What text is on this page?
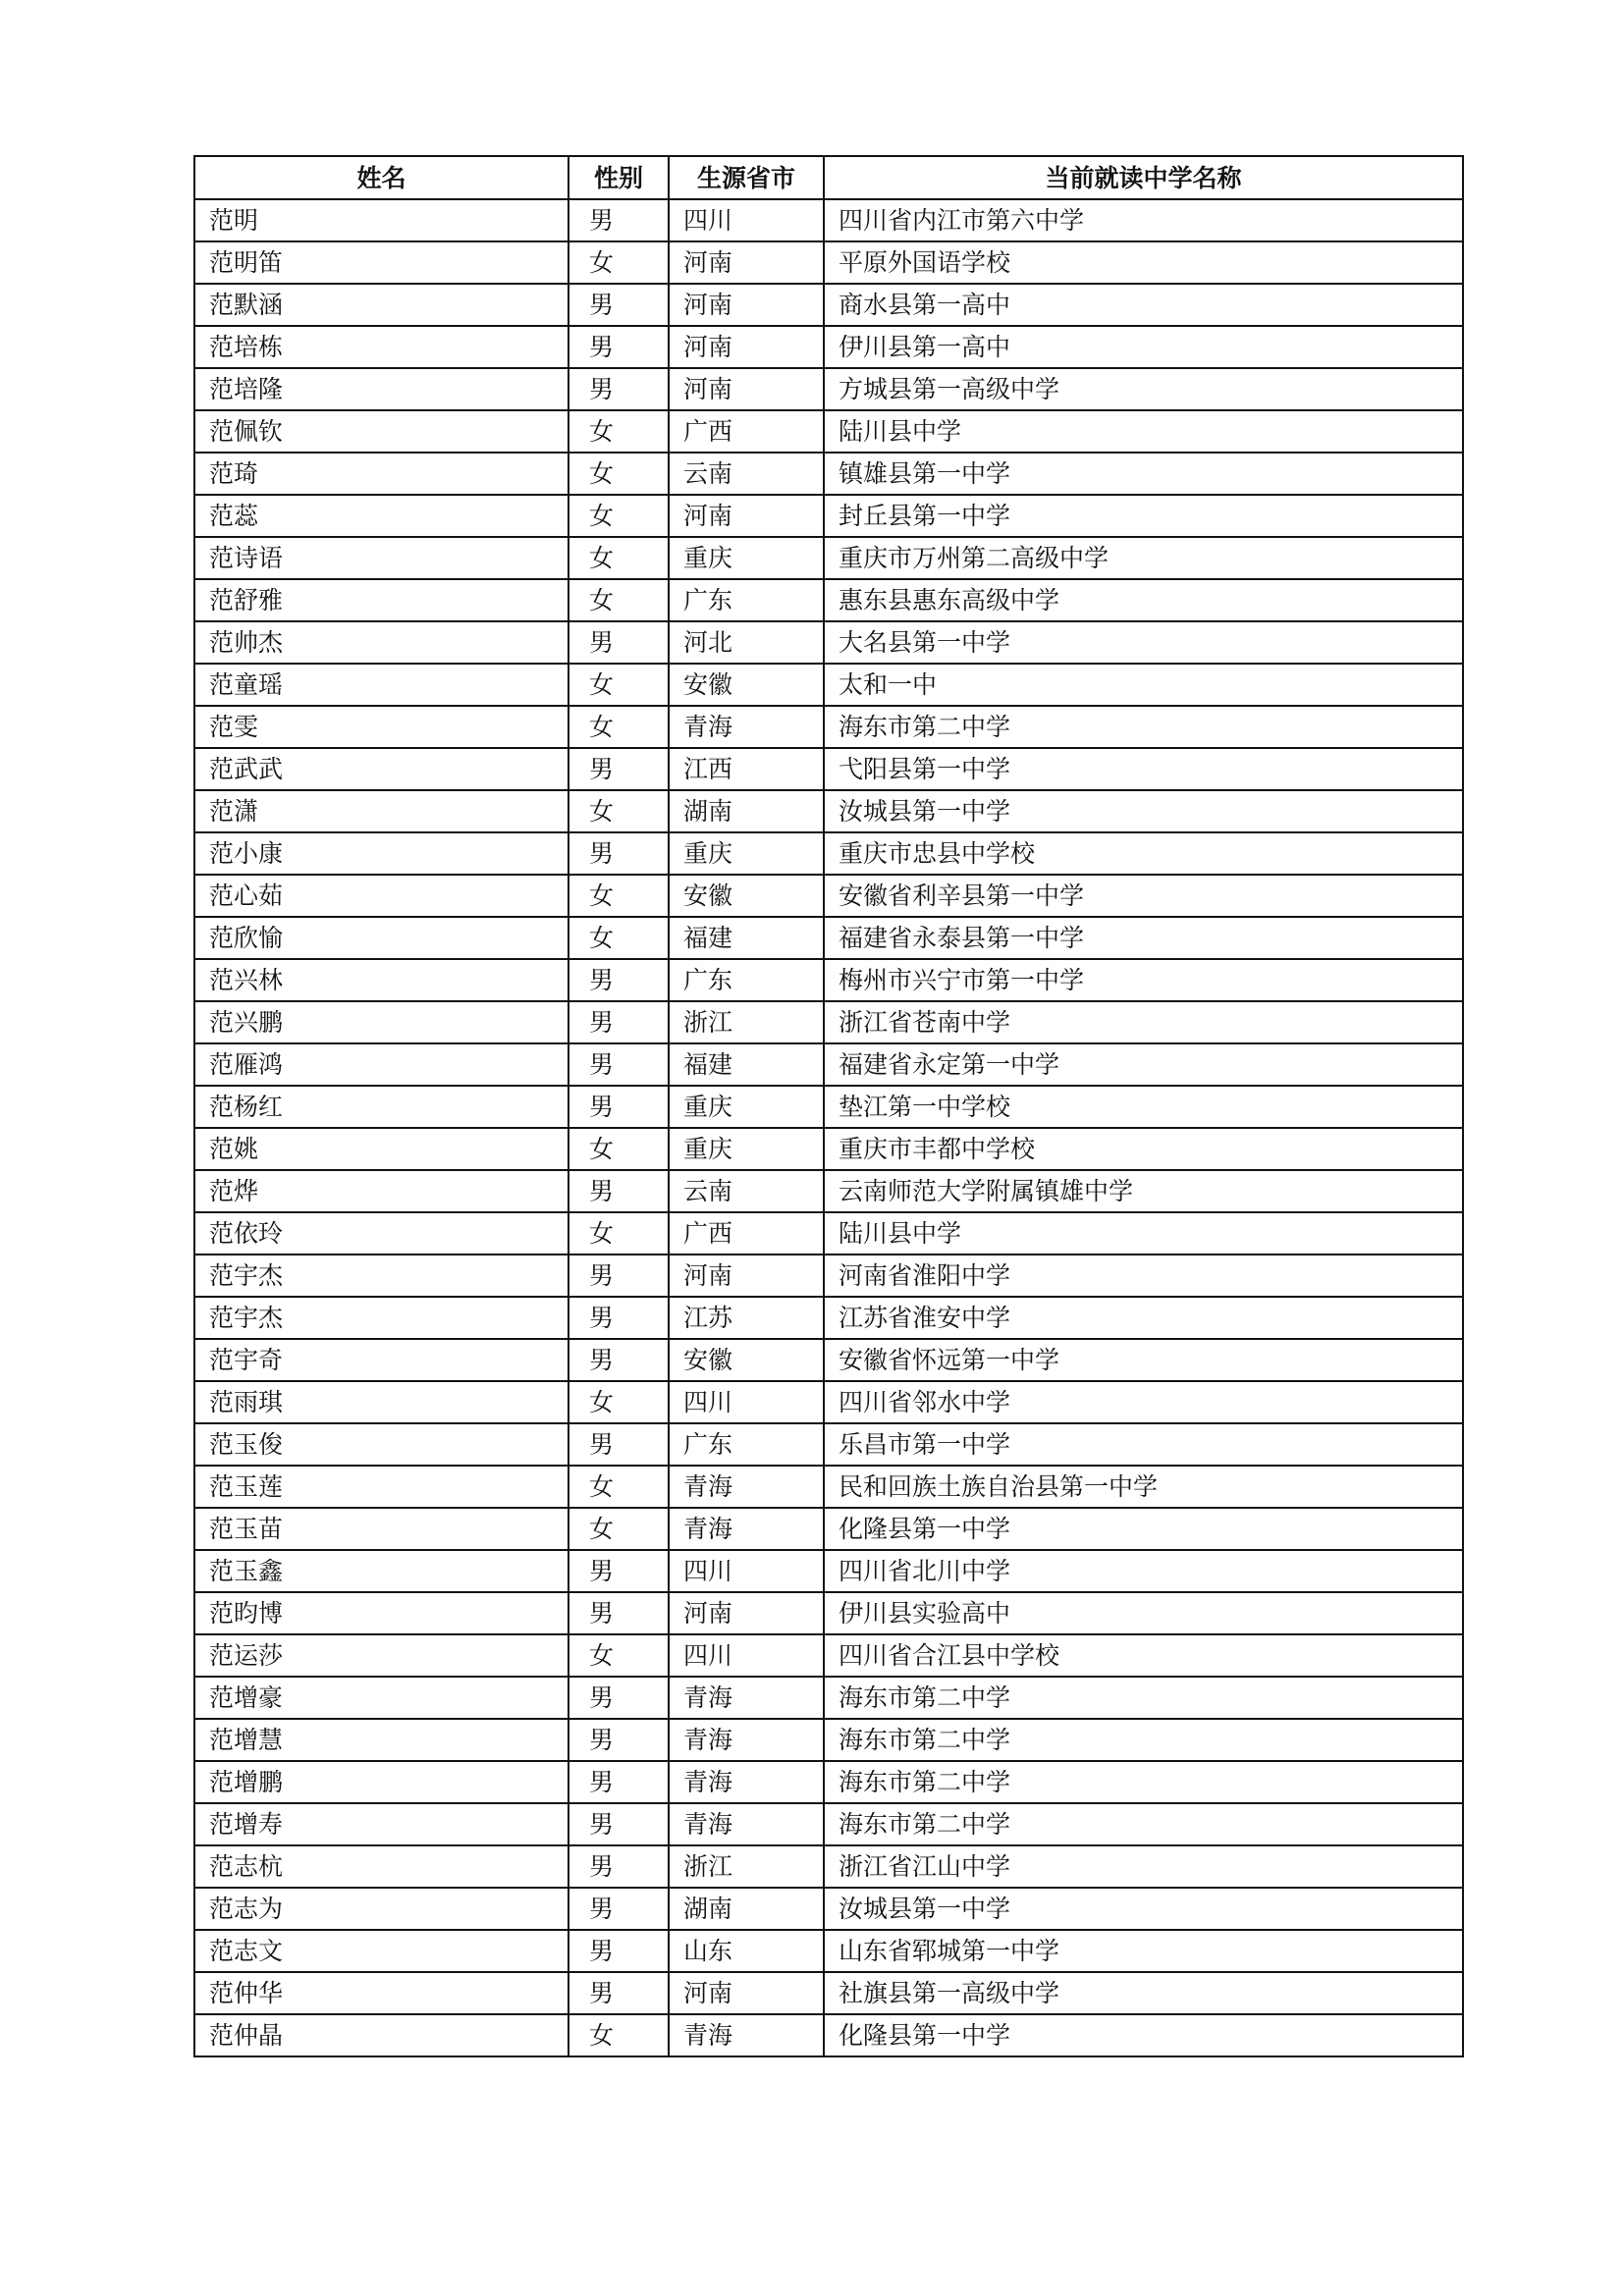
姓名	性别	生源省市	当前就读中学名称
范明	男	四川	四川省内江市第六中学
范明笛	女	河南	平原外国语学校
范默涵	男	河南	商水县第一高中
范培栋	男	河南	伊川县第一高中
范培隆	男	河南	方城县第一高级中学
范佩钦	女	广西	陆川县中学
范琦	女	云南	镇雄县第一中学
范蕊	女	河南	封丘县第一中学
范诗语	女	重庆	重庆市万州第二高级中学
范舒雅	女	广东	惠东县惠东高级中学
范帅杰	男	河北	大名县第一中学
范童瑶	女	安徽	太和一中
范雯	女	青海	海东市第二中学
范武武	男	江西	弋阳县第一中学
范潇	女	湖南	汝城县第一中学
范小康	男	重庆	重庆市忠县中学校
范心茹	女	安徽	安徽省利辛县第一中学
范欣愉	女	福建	福建省永泰县第一中学
范兴林	男	广东	梅州市兴宁市第一中学
范兴鹏	男	浙江	浙江省苍南中学
范雁鸿	男	福建	福建省永定第一中学
范杨红	男	重庆	垫江第一中学校
范姚	女	重庆	重庆市丰都中学校
范烨	男	云南	云南师范大学附属镇雄中学
范依玲	女	广西	陆川县中学
范宇杰	男	河南	河南省淮阳中学
范宇杰	男	江苏	江苏省淮安中学
范宇奇	男	安徽	安徽省怀远第一中学
范雨琪	女	四川	四川省邻水中学
范玉俊	男	广东	乐昌市第一中学
范玉莲	女	青海	民和回族土族自治县第一中学
范玉苗	女	青海	化隆县第一中学
范玉鑫	男	四川	四川省北川中学
范昀博	男	河南	伊川县实验高中
范运莎	女	四川	四川省合江县中学校
范增豪	男	青海	海东市第二中学
范增慧	男	青海	海东市第二中学
范增鹏	男	青海	海东市第二中学
范增寿	男	青海	海东市第二中学
范志杭	男	浙江	浙江省江山中学
范志为	男	湖南	汝城县第一中学
范志文	男	山东	山东省郓城第一中学
范仲华	男	河南	社旗县第一高级中学
范仲晶	女	青海	化隆县第一中学
